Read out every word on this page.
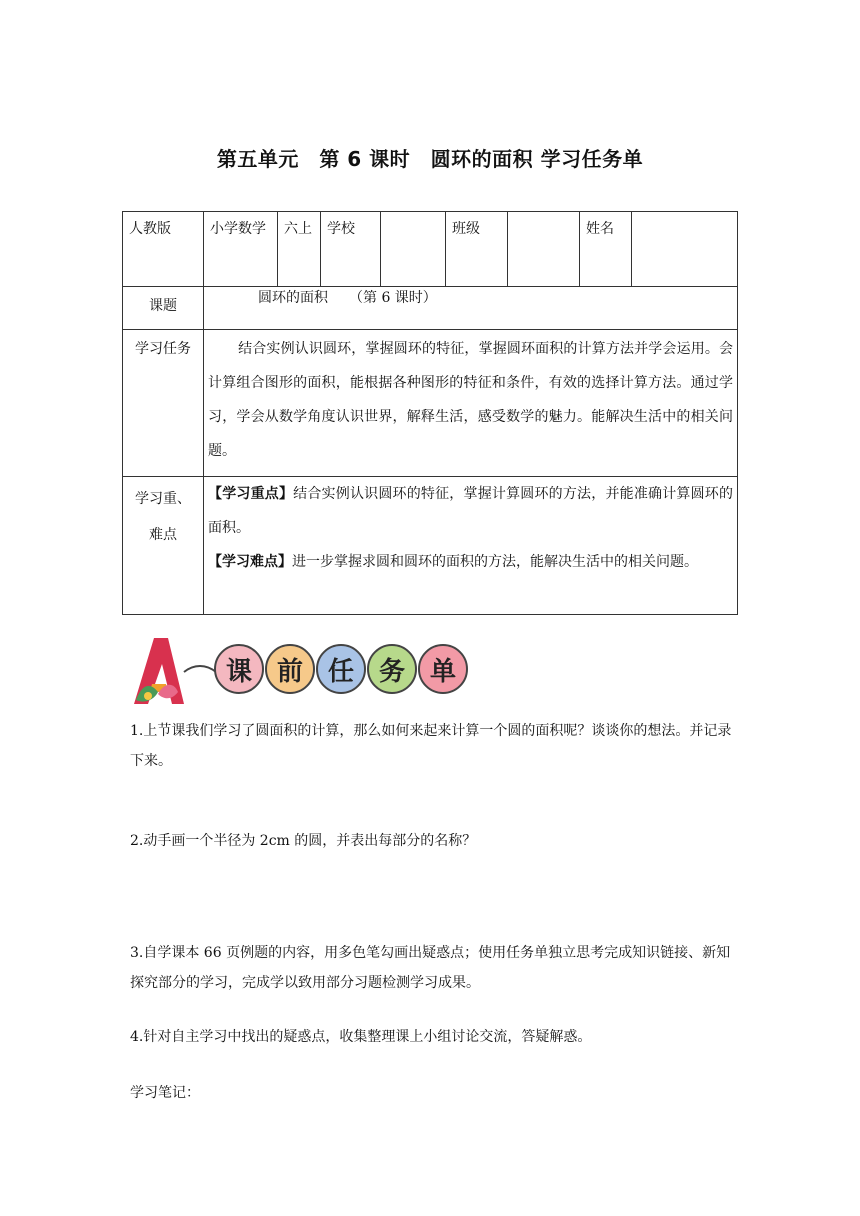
第五单元　第 6 课时　圆环的面积 学习任务单
人教版	小学数学	六上	学校		班级		姓名	
课题	圆环的面积　　（第 6 课时）							
学习任务	结合实例认识圆环，掌握圆环的特征，掌握圆环面积的计算方法并学会运用。会计算组合图形的面积，能根据各种图形的特征和条件，有效的选择计算方法。通过学习，学会从数学角度认识世界，解释生活，感受数学的魅力。能解决生活中的相关问题。							
学习重、难点	【学习重点】结合实例认识圆环的特征，掌握计算圆环的方法，并能准确计算圆环的面积。
【学习难点】进一步掌握求圆和圆环的面积的方法，能解决生活中的相关问题。							
课 前 任 务 单
1.上节课我们学习了圆面积的计算，那么如何来起来计算一个圆的面积呢？谈谈你的想法。并记录下来。
2.动手画一个半径为 2cm 的圆，并表出每部分的名称？
3.自学课本 66 页例题的内容，用多色笔勾画出疑惑点；使用任务单独立思考完成知识链接、新知探究部分的学习，完成学以致用部分习题检测学习成果。
4.针对自主学习中找出的疑惑点，收集整理课上小组讨论交流，答疑解惑。
学习笔记：
